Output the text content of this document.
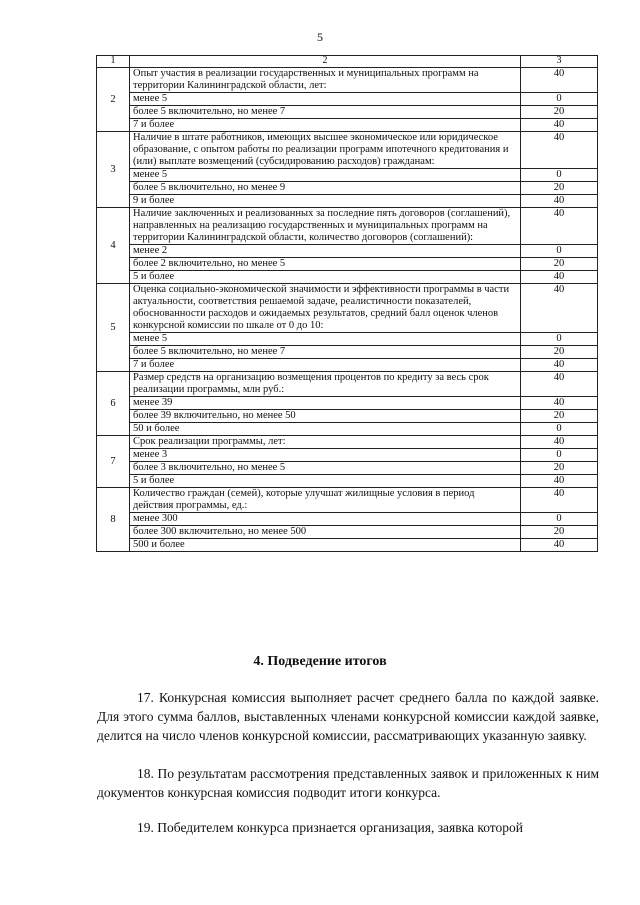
5
1	2	3
2	Опыт участия в реализации государственных и муниципальных программ на территории Калининградской области, лет:	40
	менее 5	0
	более 5 включительно, но менее 7	20
	7 и более	40
3	Наличие в штате работников, имеющих высшее экономическое или юридическое образование, с опытом работы по реализации программ ипотечного кредитования и (или) выплате возмещений (субсидированию расходов) гражданам:	40
	менее 5	0
	более 5 включительно, но менее 9	20
	9 и более	40
4	Наличие заключенных и реализованных за последние пять договоров (соглашений), направленных на реализацию государственных и муниципальных программ на территории Калининградской области, количество договоров (соглашений):	40
	менее 2	0
	более 2 включительно, но менее 5	20
	5 и более	40
5	Оценка социально-экономической значимости и эффективности программы в части актуальности, соответствия решаемой задаче, реалистичности показателей, обоснованности расходов и ожидаемых результатов, средний балл оценок членов конкурсной комиссии по шкале от 0 до 10:	40
	менее 5	0
	более 5 включительно, но менее 7	20
	7 и более	40
6	Размер средств на организацию возмещения процентов по кредиту за весь срок реализации программы, млн руб.:	40
	менее 39	40
	более 39 включительно, но менее 50	20
	50 и более	0
7	Срок реализации программы, лет:	40
	менее 3	0
	более 3 включительно, но менее 5	20
	5 и более	40
8	Количество граждан (семей), которые улучшат жилищные условия в период действия программы, ед.:	40
	менее 300	0
	более 300 включительно, но менее 500	20
	500 и более	40
4. Подведение итогов
17. Конкурсная комиссия выполняет расчет среднего балла по каждой заявке. Для этого сумма баллов, выставленных членами конкурсной комиссии каждой заявке, делится на число членов конкурсной комиссии, рассматривающих указанную заявку.
18. По результатам рассмотрения представленных заявок и приложенных к ним документов конкурсная комиссия подводит итоги конкурса.
19. Победителем конкурса признается организация, заявка которой
